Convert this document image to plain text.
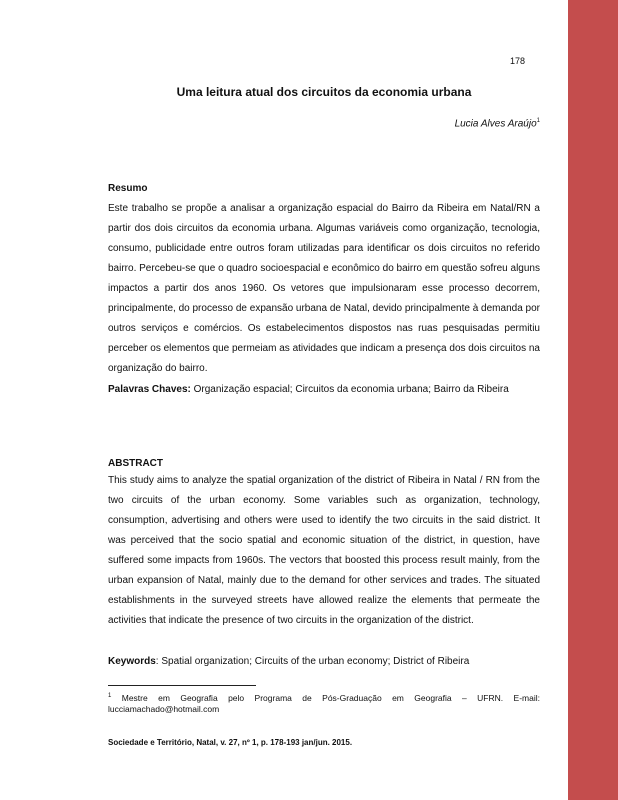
178
Uma leitura atual dos circuitos da economia urbana
Lucia Alves Araújo$^1$
Resumo

Este trabalho se propõe a analisar a organização espacial do Bairro da Ribeira em Natal/RN a partir dos dois circuitos da economia urbana. Algumas variáveis como organização, tecnologia, consumo, publicidade entre outros foram utilizadas para identificar os dois circuitos no referido bairro. Percebeu-se que o quadro socioespacial e econômico do bairro em questão sofreu alguns impactos a partir dos anos 1960. Os vetores que impulsionaram esse processo decorrem, principalmente, do processo de expansão urbana de Natal, devido principalmente à demanda por outros serviços e comércios. Os estabelecimentos dispostos nas ruas pesquisadas permitiu perceber os elementos que permeiam as atividades que indicam a presença dos dois circuitos na organização do bairro.

Palavras Chaves: Organização espacial; Circuitos da economia urbana; Bairro da Ribeira
ABSTRACT

This study aims to analyze the spatial organization of the district of Ribeira in Natal / RN from the two circuits of the urban economy. Some variables such as organization, technology, consumption, advertising and others were used to identify the two circuits in the said district. It was perceived that the socio spatial and economic situation of the district, in question, have suffered some impacts from 1960s. The vectors that boosted this process result mainly, from the urban expansion of Natal, mainly due to the demand for other services and trades. The situated establishments in the surveyed streets have allowed realize the elements that permeate the activities that indicate the presence of two circuits in the organization of the district.

Keywords: Spatial organization; Circuits of the urban economy; District of Ribeira
$^1$ Mestre em Geografia pelo Programa de Pós-Graduação em Geografia – UFRN. E-mail: lucciamachado@hotmail.com
Sociedade e Território, Natal, v. 27, nº 1, p. 178-193 jan/jun. 2015.
